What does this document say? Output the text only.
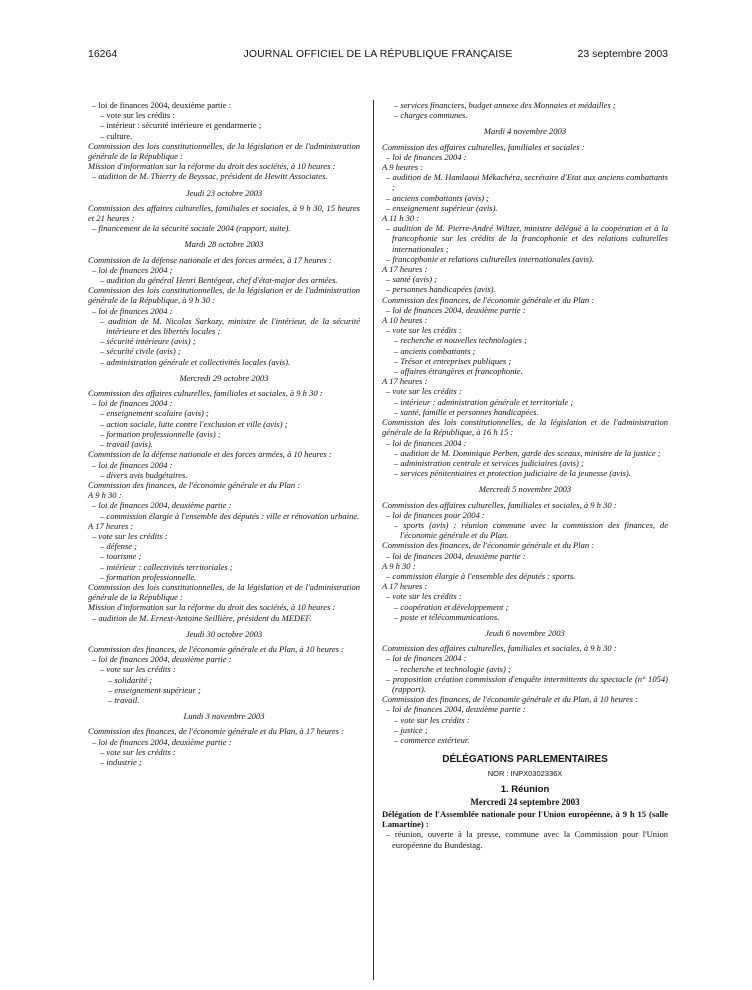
16264	JOURNAL OFFICIEL DE LA RÉPUBLIQUE FRANÇAISE	23 septembre 2003

– loi de finances 2004, deuxième partie :

– vote sur les crédits :

– intérieur : sécurité intérieure et gendarmerie ;

– culture.

Commission des lois constitutionnelles, de la législation et de l'administration générale de la République :

Mission d'information sur la réforme du droit des sociétés, à 10 heures :

– audition de M. Thierry de Beyssac, président de Hewitt Associates.

Jeudi 23 octobre 2003

Commission des affaires culturelles, familiales et sociales, à 9 h 30, 15 heures et 21 heures :

– financement de la sécurité sociale 2004 (rapport, suite).

Mardi 28 octobre 2003

Commission de la défense nationale et des forces armées, à 17 heures :

– loi de finances 2004 ;

– audition du général Henri Bentégeat, chef d'état-major des armées.

Commission des lois constitutionnelles, de la législation et de l'administration générale de la République, à 9 h 30 :

– loi de finances 2004 :

– audition de M. Nicolas Sarkozy, ministre de l'intérieur, de la sécurité intérieure et des libertés locales ;

– sécurité intérieure (avis) ;

– sécurité civile (avis) ;

– administration générale et collectivités locales (avis).

Mercredi 29 octobre 2003

Commission des affaires culturelles, familiales et sociales, à 9 h 30 :

– loi de finances 2004 :

– enseignement scolaire (avis) ;

– action sociale, lutte contre l'exclusion et ville (avis) ;

– formation professionnelle (avis) ;

– travail (avis).

Commission de la défense nationale et des forces armées, à 10 heures :

– loi de finances 2004 :

– divers avis budgétaires.

Commission des finances, de l'économie générale et du Plan :

A 9 h 30 :

– loi de finances 2004, deuxième partie :

– commission élargie à l'ensemble des députés : ville et rénovation urbaine.

A 17 heures :

– vote sur les crédits :

– défense ;

– tourisme ;

– intérieur : collectivités territoriales ;

– formation professionnelle.

Commission des lois constitutionnelles, de la législation et de l'administration générale de la République :

Mission d'information sur la réforme du droit des sociétés, à 10 heures :

– audition de M. Ernest-Antoine Seillière, président du MEDEF.

Jeudi 30 octobre 2003

Commission des finances, de l'économie générale et du Plan, à 10 heures :

– loi de finances 2004, deuxième partie :

– vote sur les crédits :

– solidarité ;

– enseignement supérieur ;

– travail.

Lundi 3 novembre 2003

Commission des finances, de l'économie générale et du Plan, à 17 heures :

– loi de finances 2004, deuxième partie :

– vote sur les crédits :

– industrie ;

– services financiers, budget annexe des Monnaies et médailles ;

– charges communes.

Mardi 4 novembre 2003

Commission des affaires culturelles, familiales et sociales :

– loi de finances 2004 :

A 9 heures :

– audition de M. Hamlaoui Mékachéra, secrétaire d'Etat aux anciens combattants ;

– anciens combattants (avis) ;

– enseignement supérieur (avis).

A 11 h 30 :

– audition de M. Pierre-André Wiltzer, ministre délégué à la coopération et à la francophonie sur les crédits de la francophonie et des relations culturelles internationales ;

– francophonie et relations culturelles internationales (avis).

A 17 heures :

– santé (avis) ;

– personnes handicapées (avis).

Commission des finances, de l'économie générale et du Plan :

– loi de finances 2004, deuxième partie :

A 10 heures :

– vote sur les crédits :

– recherche et nouvelles technologies ;

– anciens combattants ;

– Trésor et entreprises publiques ;

– affaires étrangères et francophonie.

A 17 heures :

– vote sur les crédits :

– intérieur : administration générale et territoriale ;

– santé, famille et personnes handicapées.

Commission des lois constitutionnelles, de la législation et de l'administration générale de la République, à 16 h 15 :

– loi de finances 2004 :

– audition de M. Dominique Perben, garde des sceaux, ministre de la justice ;

– administration centrale et services judiciaires (avis) ;

– services pénitentiaires et protection judiciaire de la jeunesse (avis).

Mercredi 5 novembre 2003

Commission des affaires culturelles, familiales et sociales, à 9 h 30 :

– loi de finances pour 2004 :

– sports (avis) : réunion commune avec la commission des finances, de l'économie générale et du Plan.

Commission des finances, de l'économie générale et du Plan :

– loi de finances 2004, deuxième partie :

A 9 h 30 :

– commission élargie à l'ensemble des députés : sports.

A 17 heures :

– vote sur les crédits :

– coopération et développement ;

– poste et télécommunications.

Jeudi 6 novembre 2003

Commission des affaires culturelles, familiales et sociales, à 9 h 30 :

– loi de finances 2004 :

– recherche et technologie (avis) ;

– proposition création commission d'enquête intermittents du spectacle (n° 1054) (rapport).

Commission des finances, de l'économie générale et du Plan, à 10 heures :

– loi de finances 2004, deuxième partie :

– vote sur les crédits :

– justice ;

– commerce extérieur.

DÉLÉGATIONS PARLEMENTAIRES

NOR : INPX0302336X

1. Réunion

Mercredi 24 septembre 2003

Délégation de l'Assemblée nationale pour l'Union européenne, à 9 h 15 (salle Lamartine) :

– réunion, ouverte à la presse, commune avec la Commission pour l'Union européenne du Bundestag.
